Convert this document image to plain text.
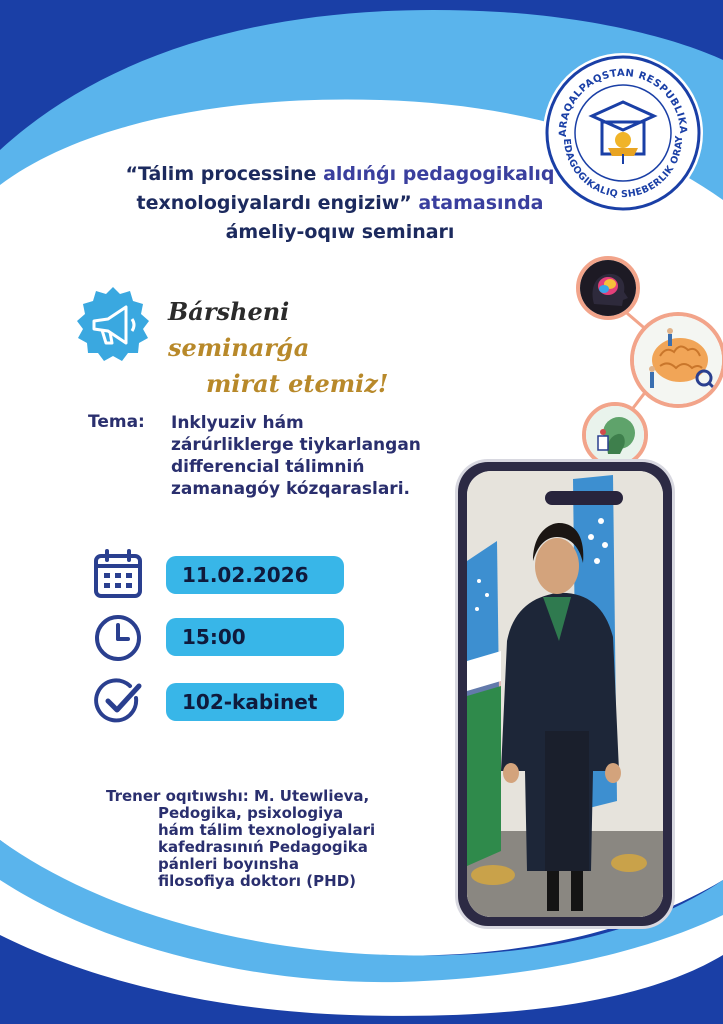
ARAQALPAQSTAN RESPUBLIKA
EDAGOGIKALIQ SHEBERLIK ORAY
“Tálim processine aldıńǵı pedagogikalıq
texnologiyalardı engiziw” atamasında
ámeliy-oqıw seminarı
Bársheni seminarǵa
mirat etemiz!
Tema: Inklyuziv hám
zárúrliklerge tiykarlangan
differencial tálimniń
zamanagóy kózqaraslari.
11.02.2026
15:00
102-kabinet
Trener oqıtıwshı: M. Utewlieva,
Pedogika, psixologiya
hám tálim texnologiyalari
kafedrasınıń Pedagogika
pánleri boyınsha
filosofiya doktorı (PHD)
